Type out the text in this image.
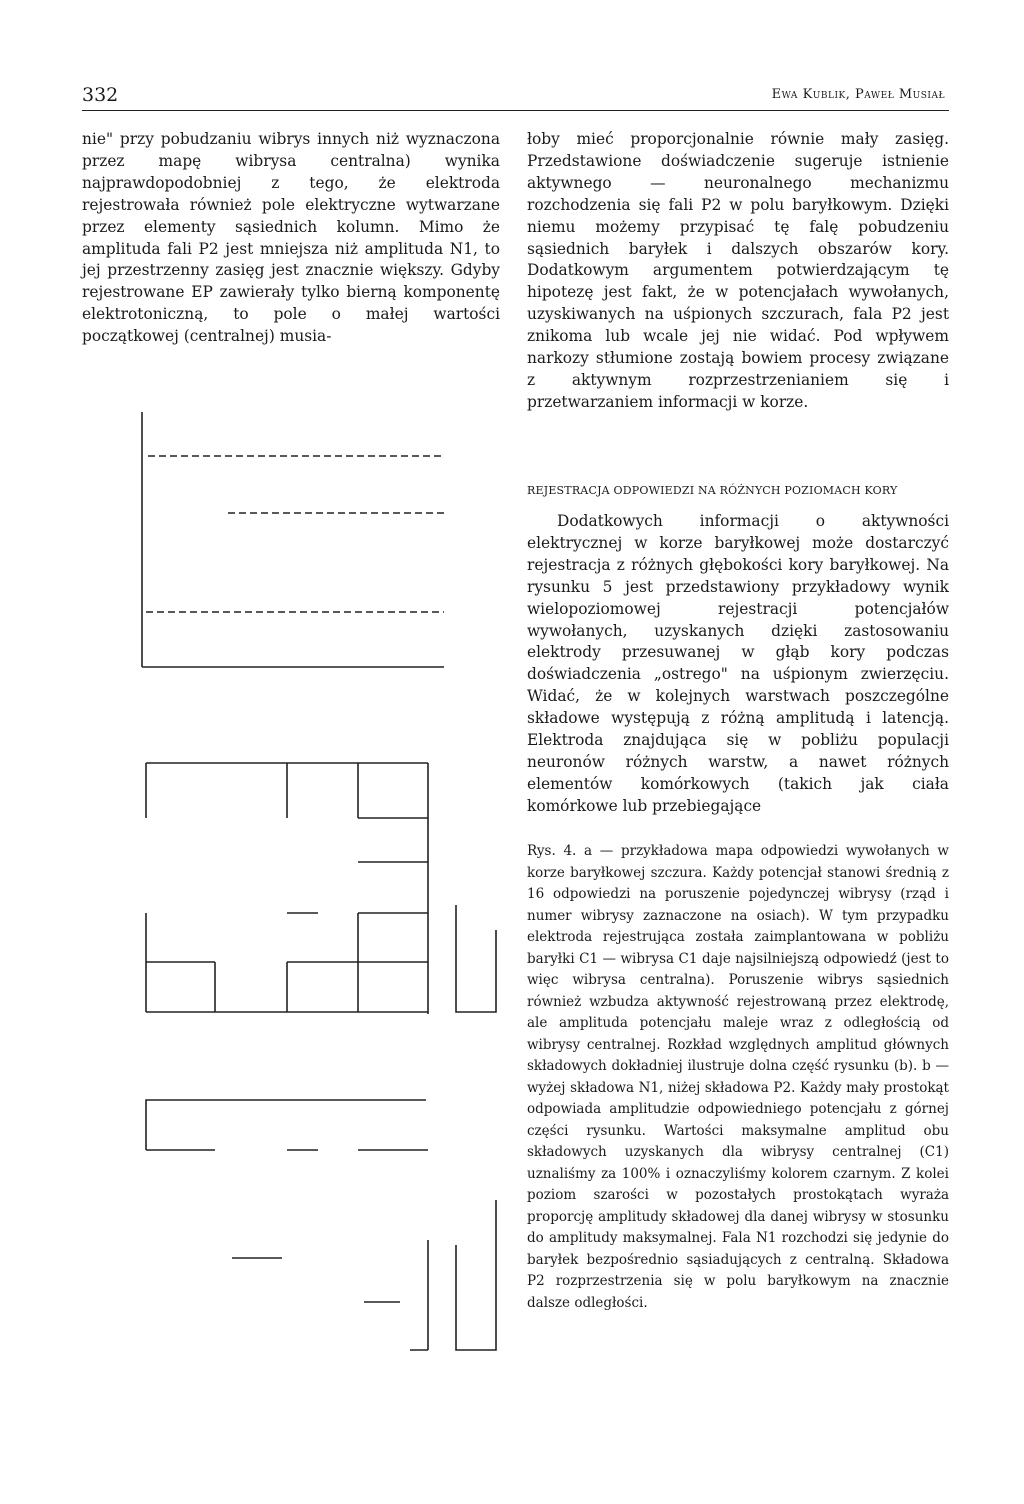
332	Ewa Kublik, Paweł Musiał

nie" przy pobudzaniu wibrys innych niż wyznaczona przez mapę wibrysa centralna) wynika najprawdopodobniej z tego, że elektroda rejestrowała również pole elektryczne wytwarzane przez elementy sąsiednich kolumn. Mimo że amplituda fali P2 jest mniejsza niż amplituda N1, to jej przestrzenny zasięg jest znacznie większy. Gdyby rejestrowane EP zawierały tylko bierną komponentę elektrotoniczną, to pole o małej wartości początkowej (centralnej) musia-

łoby mieć proporcjonalnie równie mały zasięg. Przedstawione doświadczenie sugeruje istnienie aktywnego — neuronalnego mechanizmu rozchodzenia się fali P2 w polu baryłkowym. Dzięki niemu możemy przypisać tę falę pobudzeniu sąsiednich baryłek i dalszych obszarów kory. Dodatkowym argumentem potwierdzającym tę hipotezę jest fakt, że w potencjałach wywołanych, uzyskiwanych na uśpionych szczurach, fala P2 jest znikoma lub wcale jej nie widać. Pod wpływem narkozy stłumione zostają bowiem procesy związane z aktywnym rozprzestrzenianiem się i przetwarzaniem informacji w korze.

REJESTRACJA ODPOWIEDZI NA RÓŻNYCH POZIOMACH KORY

Dodatkowych informacji o aktywności elektrycznej w korze baryłkowej może dostarczyć rejestracja z różnych głębokości kory baryłkowej. Na rysunku 5 jest przedstawiony przykładowy wynik wielopoziomowej rejestracji potencjałów wywołanych, uzyskanych dzięki zastosowaniu elektrody przesuwanej w głąb kory podczas doświadczenia „ostrego" na uśpionym zwierzęciu. Widać, że w kolejnych warstwach poszczególne składowe występują z różną amplitudą i latencją. Elektroda znajdująca się w pobliżu populacji neuronów różnych warstw, a nawet różnych elementów komórkowych (takich jak ciała komórkowe lub przebiegające

Rys. 4. a — przykładowa mapa odpowiedzi wywołanych w korze baryłkowej szczura. Każdy potencjał stanowi średnią z 16 odpowiedzi na poruszenie pojedynczej wibrysy (rząd i numer wibrysy zaznaczone na osiach). W tym przypadku elektroda rejestrująca została zaimplantowana w pobliżu baryłki C1 — wibrysa C1 daje najsilniejszą odpowiedź (jest to więc wibrysa centralna). Poruszenie wibrys sąsiednich również wzbudza aktywność rejestrowaną przez elektrodę, ale amplituda potencjału maleje wraz z odległością od wibrysy centralnej. Rozkład względnych amplitud głównych składowych dokładniej ilustruje dolna część rysunku (b). b — wyżej składowa N1, niżej składowa P2. Każdy mały prostokąt odpowiada amplitudzie odpowiedniego potencjału z górnej części rysunku. Wartości maksymalne amplitud obu składowych uzyskanych dla wibrysy centralnej (C1) uznaliśmy za 100% i oznaczyliśmy kolorem czarnym. Z kolei poziom szarości w pozostałych prostokątach wyraża proporcję amplitudy składowej dla danej wibrysy w stosunku do amplitudy maksymalnej. Fala N1 rozchodzi się jedynie do baryłek bezpośrednio sąsiadujących z centralną. Składowa P2 rozprzestrzenia się w polu baryłkowym na znacznie dalsze odległości.
